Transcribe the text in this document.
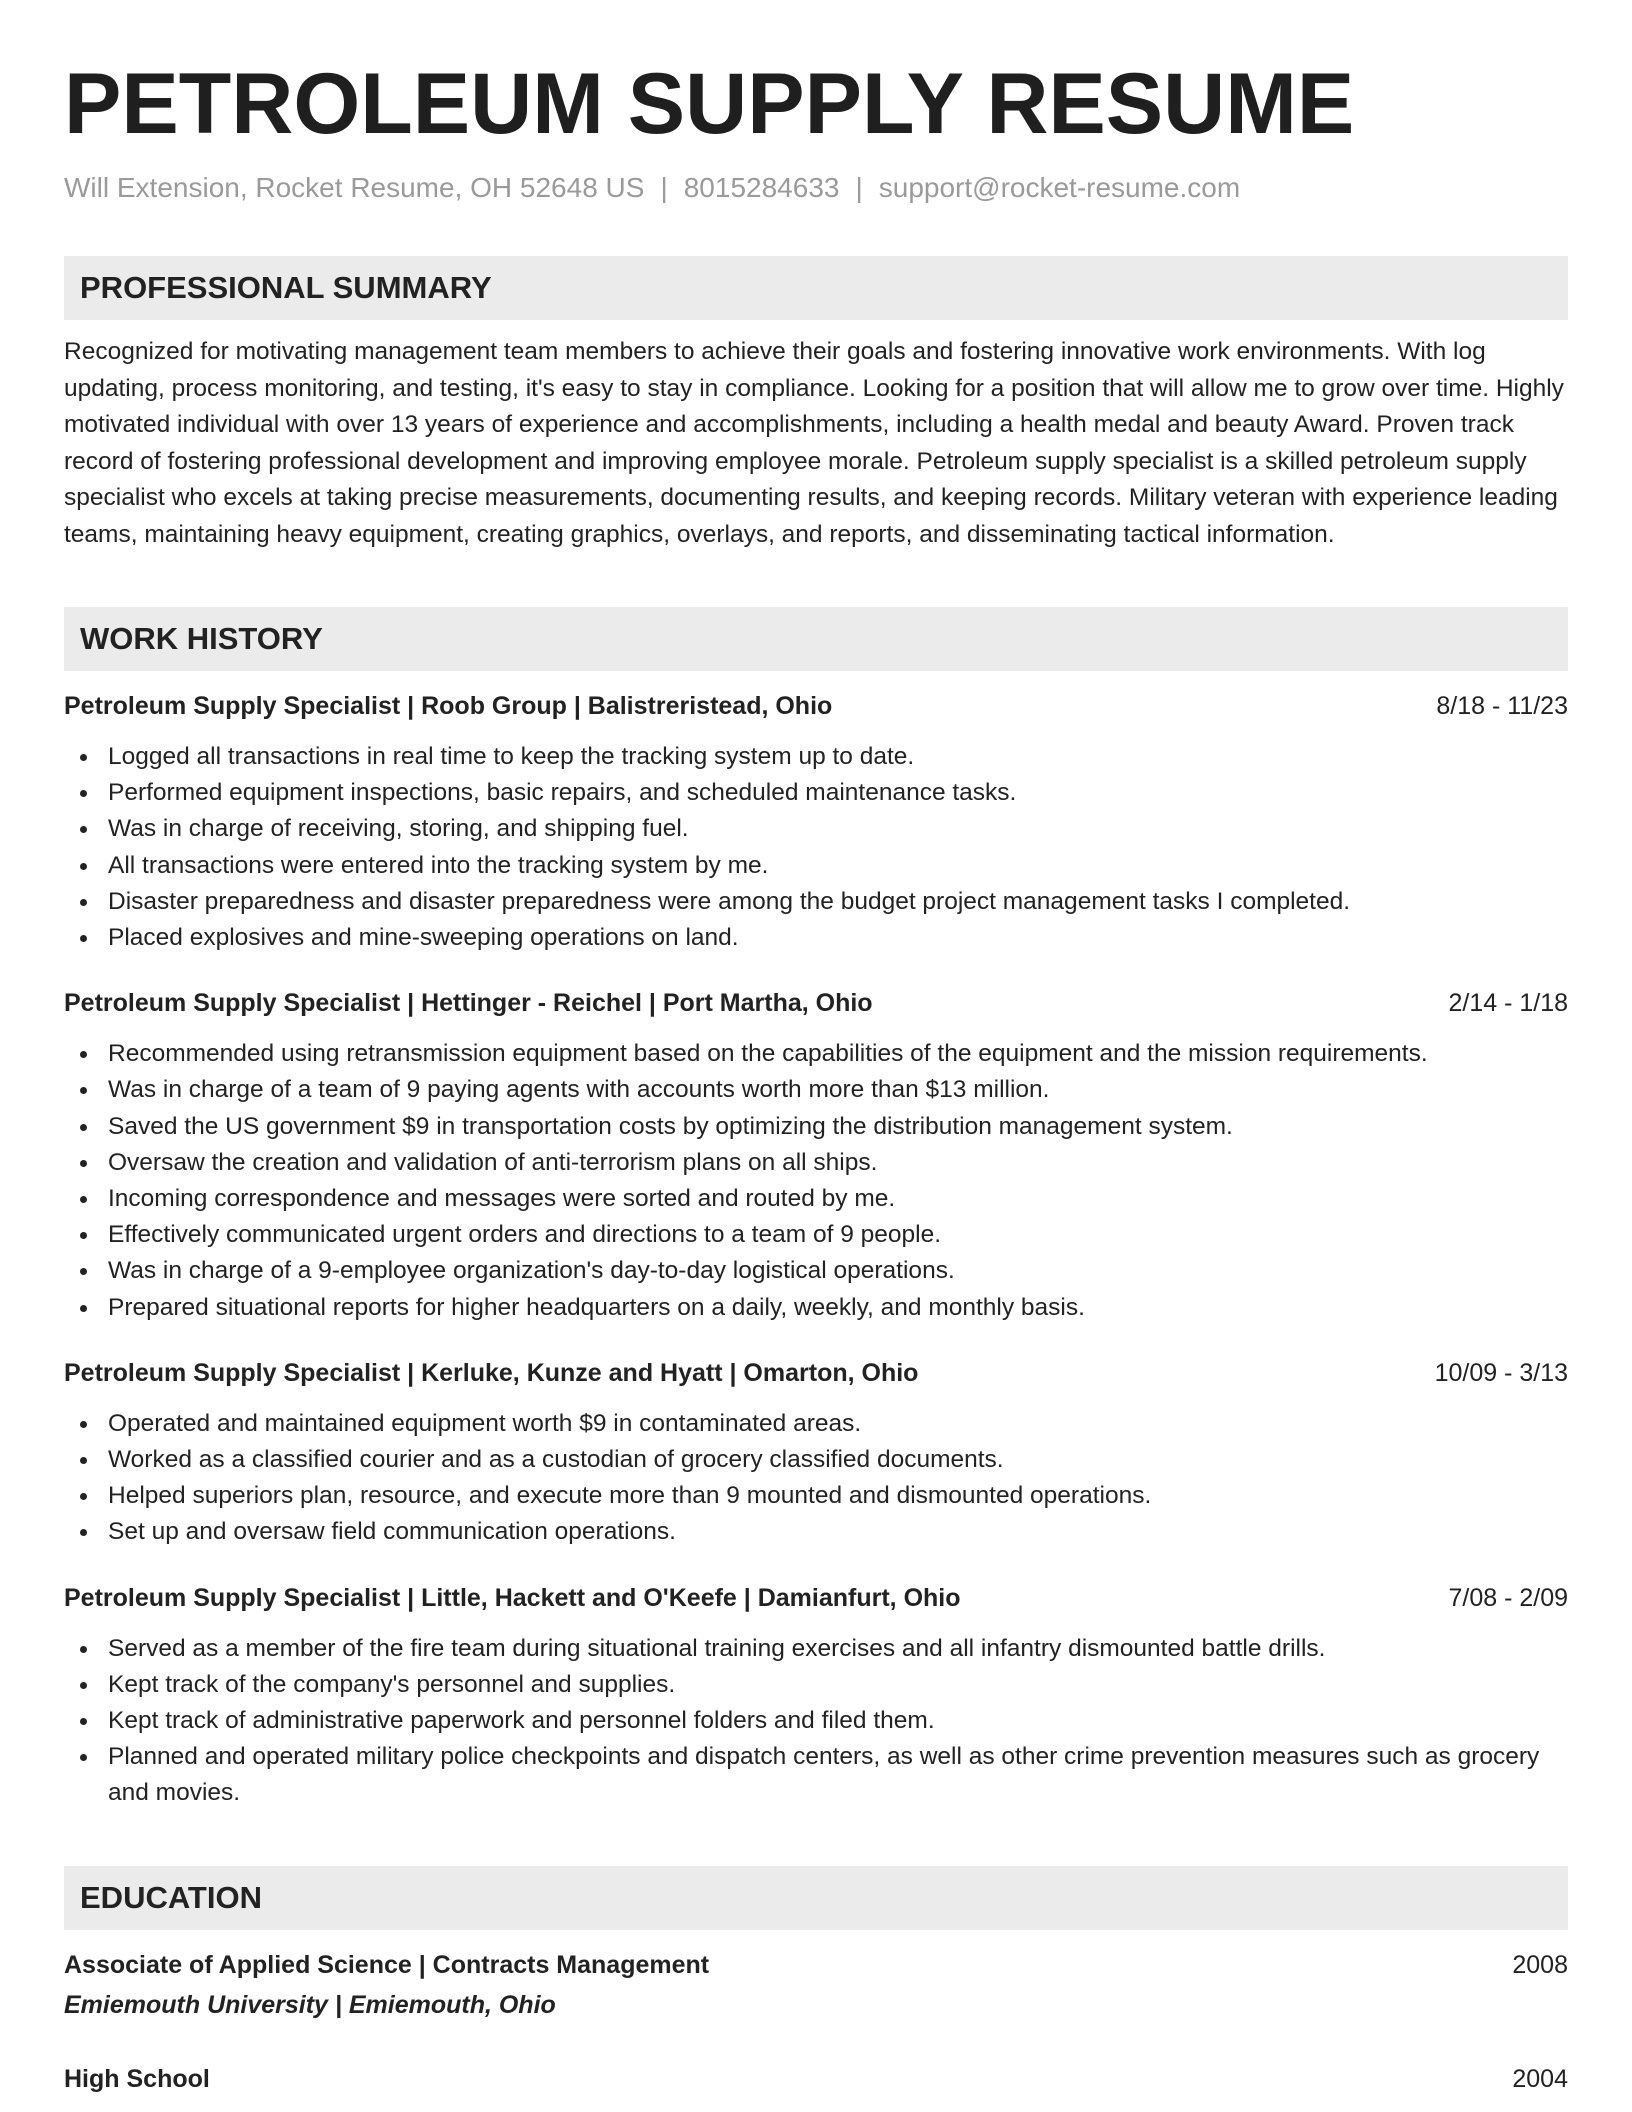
PETROLEUM SUPPLY RESUME
Will Extension, Rocket Resume, OH 52648 US | 8015284633 | support@rocket-resume.com
PROFESSIONAL SUMMARY

Recognized for motivating management team members to achieve their goals and fostering innovative work environments. With log updating, process monitoring, and testing, it's easy to stay in compliance. Looking for a position that will allow me to grow over time. Highly motivated individual with over 13 years of experience and accomplishments, including a health medal and beauty Award. Proven track record of fostering professional development and improving employee morale. Petroleum supply specialist is a skilled petroleum supply specialist who excels at taking precise measurements, documenting results, and keeping records. Military veteran with experience leading teams, maintaining heavy equipment, creating graphics, overlays, and reports, and disseminating tactical information.

WORK HISTORY
Petroleum Supply Specialist | Roob Group | Balistreristead, Ohio	8/18 - 11/23
Logged all transactions in real time to keep the tracking system up to date.
Performed equipment inspections, basic repairs, and scheduled maintenance tasks.
Was in charge of receiving, storing, and shipping fuel.
All transactions were entered into the tracking system by me.
Disaster preparedness and disaster preparedness were among the budget project management tasks I completed.
Placed explosives and mine-sweeping operations on land.
Petroleum Supply Specialist | Hettinger - Reichel | Port Martha, Ohio	2/14 - 1/18
Recommended using retransmission equipment based on the capabilities of the equipment and the mission requirements.
Was in charge of a team of 9 paying agents with accounts worth more than $13 million.
Saved the US government $9 in transportation costs by optimizing the distribution management system.
Oversaw the creation and validation of anti-terrorism plans on all ships.
Incoming correspondence and messages were sorted and routed by me.
Effectively communicated urgent orders and directions to a team of 9 people.
Was in charge of a 9-employee organization's day-to-day logistical operations.
Prepared situational reports for higher headquarters on a daily, weekly, and monthly basis.
Petroleum Supply Specialist | Kerluke, Kunze and Hyatt | Omarton, Ohio	10/09 - 3/13
Operated and maintained equipment worth $9 in contaminated areas.
Worked as a classified courier and as a custodian of grocery classified documents.
Helped superiors plan, resource, and execute more than 9 mounted and dismounted operations.
Set up and oversaw field communication operations.
Petroleum Supply Specialist | Little, Hackett and O'Keefe | Damianfurt, Ohio	7/08 - 2/09
Served as a member of the fire team during situational training exercises and all infantry dismounted battle drills.
Kept track of the company's personnel and supplies.
Kept track of administrative paperwork and personnel folders and filed them.
Planned and operated military police checkpoints and dispatch centers, as well as other crime prevention measures such as grocery and movies.
EDUCATION
Associate of Applied Science | Contracts Management	2008
Emiemouth University | Emiemouth, Ohio
High School	2004
